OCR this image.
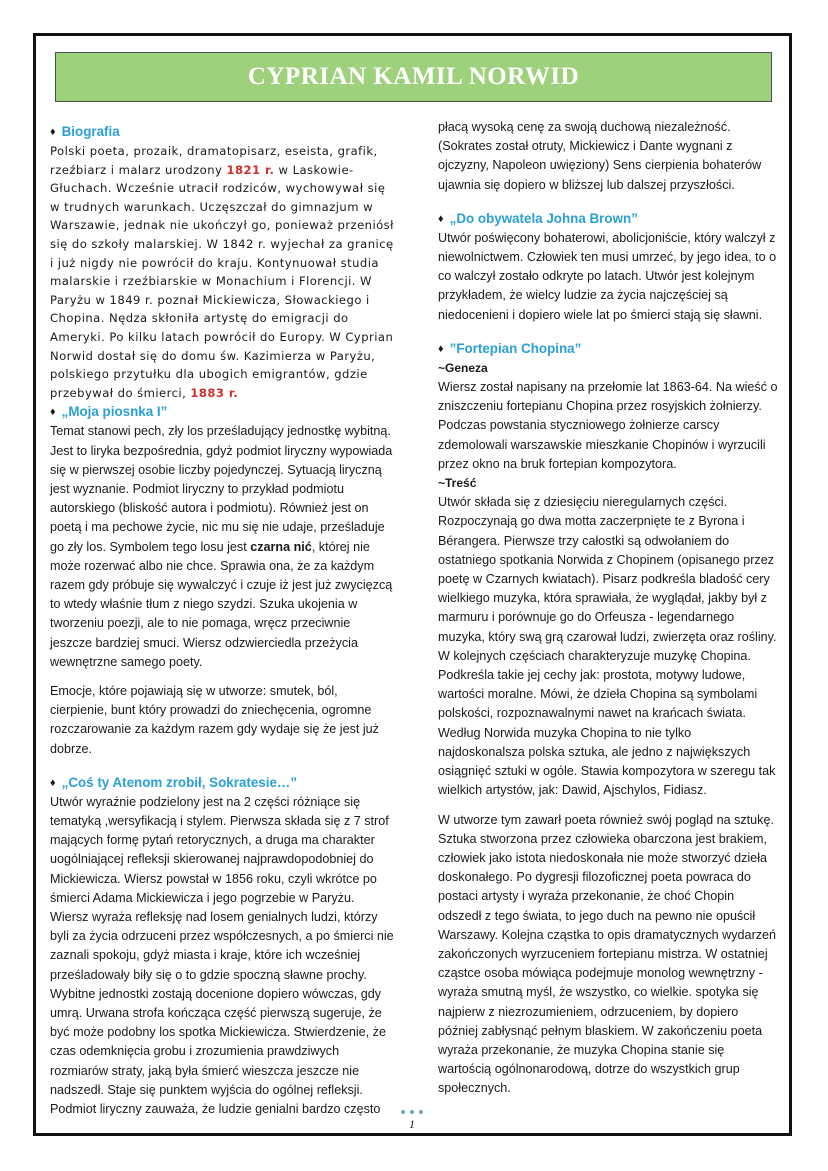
CYPRIAN KAMIL NORWID
♦ Biografia

Polski poeta, prozaik, dramatopisarz, eseista, grafik, rzeźbiarz i malarz urodzony 1821 r. w Laskowie-Głuchach. Wcześnie utracił rodziców, wychowywał się w trudnych warunkach. Uczęszczał do gimnazjum w Warszawie, jednak nie ukończył go, ponieważ przeniósł się do szkoły malarskiej. W 1842 r. wyjechał za granicę i już nigdy nie powrócił do kraju. Kontynuował studia malarskie i rzeźbiarskie w Monachium i Florencji. W Paryżu w 1849 r. poznał Mickiewicza, Słowackiego i Chopina. Nędza skłoniła artystę do emigracji do Ameryki. Po kilku latach powrócił do Europy. W Cyprian Norwid dostał się do domu św. Kazimierza w Paryżu, polskiego przytułku dla ubogich emigrantów, gdzie przebywał do śmierci, 1883 r.

♦ „Moja piosnka I”

Temat stanowi pech, zły los prześladujący jednostkę wybitną. Jest to liryka bezpośrednia, gdyż podmiot liryczny wypowiada się w pierwszej osobie liczby pojedynczej. Sytuacją liryczną jest wyznanie. Podmiot liryczny to przykład podmiotu autorskiego (bliskość autora i podmiotu). Również jest on poetą i ma pechowe życie, nic mu się nie udaje, prześladuje go zły los. Symbolem tego losu jest czarna nić, której nie może rozerwać albo nie chce. Sprawia ona, że za każdym razem gdy próbuje się wywalczyć i czuje iż jest już zwycięzcą to wtedy właśnie tłum z niego szydzi. Szuka ukojenia w tworzeniu poezji, ale to nie pomaga, wręcz przeciwnie jeszcze bardziej smuci. Wiersz odzwierciedla przeżycia wewnętrzne samego poety.

Emocje, które pojawiają się w utworze: smutek, ból, cierpienie, bunt który prowadzi do zniechęcenia, ogromne rozczarowanie za każdym razem gdy wydaje się że jest już dobrze.

♦ „Coś ty Atenom zrobił, Sokratesie…”

Utwór wyraźnie podzielony jest na 2 części różniące się tematyką ,wersyfikacją i stylem. Pierwsza składa się z 7 strof mających formę pytań retorycznych, a druga ma charakter uogólniającej refleksji skierowanej najprawdopodobniej do Mickiewicza. Wiersz powstał w 1856 roku, czyli wkrótce po śmierci Adama Mickiewicza i jego pogrzebie w Paryżu. Wiersz wyraża refleksję nad losem genialnych ludzi, którzy byli za życia odrzuceni przez współczesnych, a po śmierci nie zaznali spokoju, gdyż miasta i kraje, które ich wcześniej prześladowały biły się o to gdzie spoczną sławne prochy. Wybitne jednostki zostają docenione dopiero wówczas, gdy umrą. Urwana strofa kończąca część pierwszą sugeruje, że być może podobny los spotka Mickiewicza. Stwierdzenie, że czas odemknięcia grobu i zrozumienia prawdziwych rozmiarów straty, jaką była śmierć wieszcza jeszcze nie nadszedł. Staje się punktem wyjścia do ogólnej refleksji. Podmiot liryczny zauważa, że ludzie genialni bardzo często

płacą wysoką cenę za swoją duchową niezależność. (Sokrates został otruty, Mickiewicz i Dante wygnani z ojczyzny, Napoleon uwięziony) Sens cierpienia bohaterów ujawnia się dopiero w bliższej lub dalszej przyszłości.

♦ „Do obywatela Johna Brown”

Utwór poświęcony bohaterowi, abolicjoniście, który walczył z niewolnictwem. Człowiek ten musi umrzeć, by jego idea, to o co walczył zostało odkryte po latach. Utwór jest kolejnym przykładem, że wielcy ludzie za życia najczęściej są niedocenieni i dopiero wiele lat po śmierci stają się sławni.

♦ ”Fortepian Chopina”

~Geneza

Wiersz został napisany na przełomie lat 1863-64. Na wieść o zniszczeniu fortepianu Chopina przez rosyjskich żołnierzy. Podczas powstania styczniowego żołnierze carscy zdemolowali warszawskie mieszkanie Chopinów i wyrzucili przez okno na bruk fortepian kompozytora.

~Treść

Utwór składa się z dziesięciu nieregularnych części. Rozpoczynają go dwa motta zaczerpnięte te z Byrona i Bérangera. Pierwsze trzy całostki są odwołaniem do ostatniego spotkania Norwida z Chopinem (opisanego przez poetę w Czarnych kwiatach). Pisarz podkreśla bladość cery wielkiego muzyka, która sprawiała, że wyglądał, jakby był z marmuru i porównuje go do Orfeusza - legendarnego muzyka, który swą grą czarował ludzi, zwierzęta oraz rośliny. W kolejnych częściach charakteryzuje muzykę Chopina. Podkreśla takie jej cechy jak: prostota, motywy ludowe, wartości moralne. Mówi, że dzieła Chopina są symbolami polskości, rozpoznawalnymi nawet na krańcach świata. Według Norwida muzyka Chopina to nie tylko najdoskonalsza polska sztuka, ale jedno z największych osiągnięć sztuki w ogóle. Stawia kompozytora w szeregu tak wielkich artystów, jak: Dawid, Ajschylos, Fidiasz.

W utworze tym zawarł poeta również swój pogląd na sztukę. Sztuka stworzona przez człowieka obarczona jest brakiem, człowiek jako istota niedoskonała nie może stworzyć dzieła doskonałego. Po dygresji filozoficznej poeta powraca do postaci artysty i wyraża przekonanie, że choć Chopin odszedł z tego świata, to jego duch na pewno nie opuścił Warszawy. Kolejna cząstka to opis dramatycznych wydarzeń zakończonych wyrzuceniem fortepianu mistrza. W ostatniej cząstce osoba mówiąca podejmuje monolog wewnętrzny - wyraża smutną myśl, że wszystko, co wielkie. spotyka się najpierw z niezrozumieniem, odrzuceniem, by dopiero później zabłysnąć pełnym blaskiem. W zakończeniu poeta wyraża przekonanie, że muzyka Chopina stanie się wartością ogólnonarodową, dotrze do wszystkich grup społecznych.

1
